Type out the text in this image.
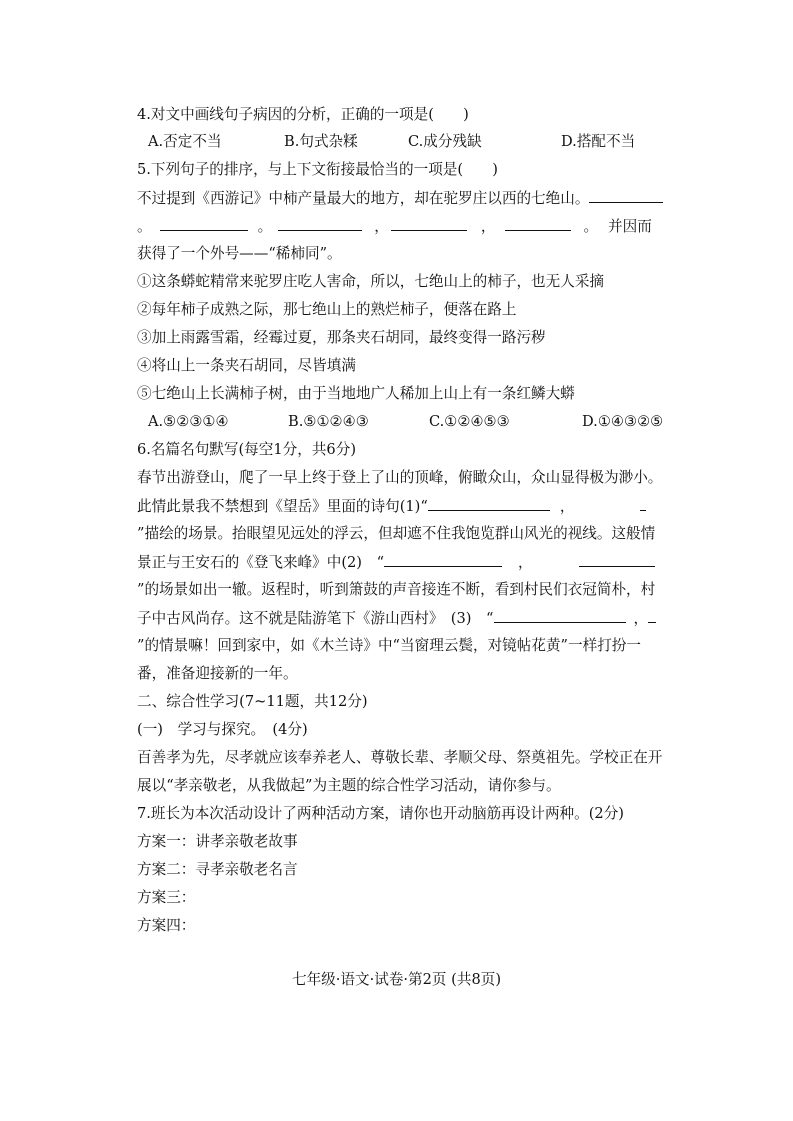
4.对文中画线句子病因的分析，正确的一项是(　　)
A.否定不当	B.句式杂糅	C.成分残缺	D.搭配不当
5.下列句子的排序，与上下文衔接最恰当的一项是(　　)
不过提到《西游记》中柿产量最大的地方，却在驼罗庄以西的七绝山。
。	。	，	，	。 并因而
获得了一个外号——“稀柿同”。
①这条蟒蛇精常来驼罗庄吃人害命，所以，七绝山上的柿子，也无人采摘
②每年柿子成熟之际，那七绝山上的熟烂柿子，便落在路上
③加上雨露雪霜，经霉过夏，那条夹石胡同，最终变得一路污秽
④将山上一条夹石胡同，尽皆填满
⑤七绝山上长满柿子树，由于当地地广人稀加上山上有一条红鳞大蟒
A.⑤②③①④	B.⑤①②④③	C.①②④⑤③	D.①④③②⑤
6.名篇名句默写(每空1分，共6分)
春节出游登山，爬了一早上终于登上了山的顶峰，俯瞰众山，众山显得极为渺小。
此情此景我不禁想到《望岳》里面的诗句(1)“	，
”描绘的场景。抬眼望见远处的浮云，但却遮不住我饱览群山风光的视线。这般情
景正与王安石的《登飞来峰》中(2)　“	，
”的场景如出一辙。返程时，听到箫鼓的声音接连不断，看到村民们衣冠简朴，村
子中古风尚存。这不就是陆游笔下《游山西村》　(3)　“	，
”的情景嘛！回到家中，如《木兰诗》中“当窗理云鬓，对镜帖花黄”一样打扮一
番，准备迎接新的一年。
二、综合性学习(7~11题，共12分)
(一)　学习与探究。　(4分)
百善孝为先，尽孝就应该奉养老人、尊敬长辈、孝顺父母、祭奠祖先。学校正在开
展以“孝亲敬老，从我做起”为主题的综合性学习活动，请你参与。
7.班长为本次活动设计了两种活动方案，请你也开动脑筋再设计两种。(2分)
方案一：讲孝亲敬老故事
方案二：寻孝亲敬老名言
方案三：
方案四：
七年级·语文·试卷·第2页 (共8页)
